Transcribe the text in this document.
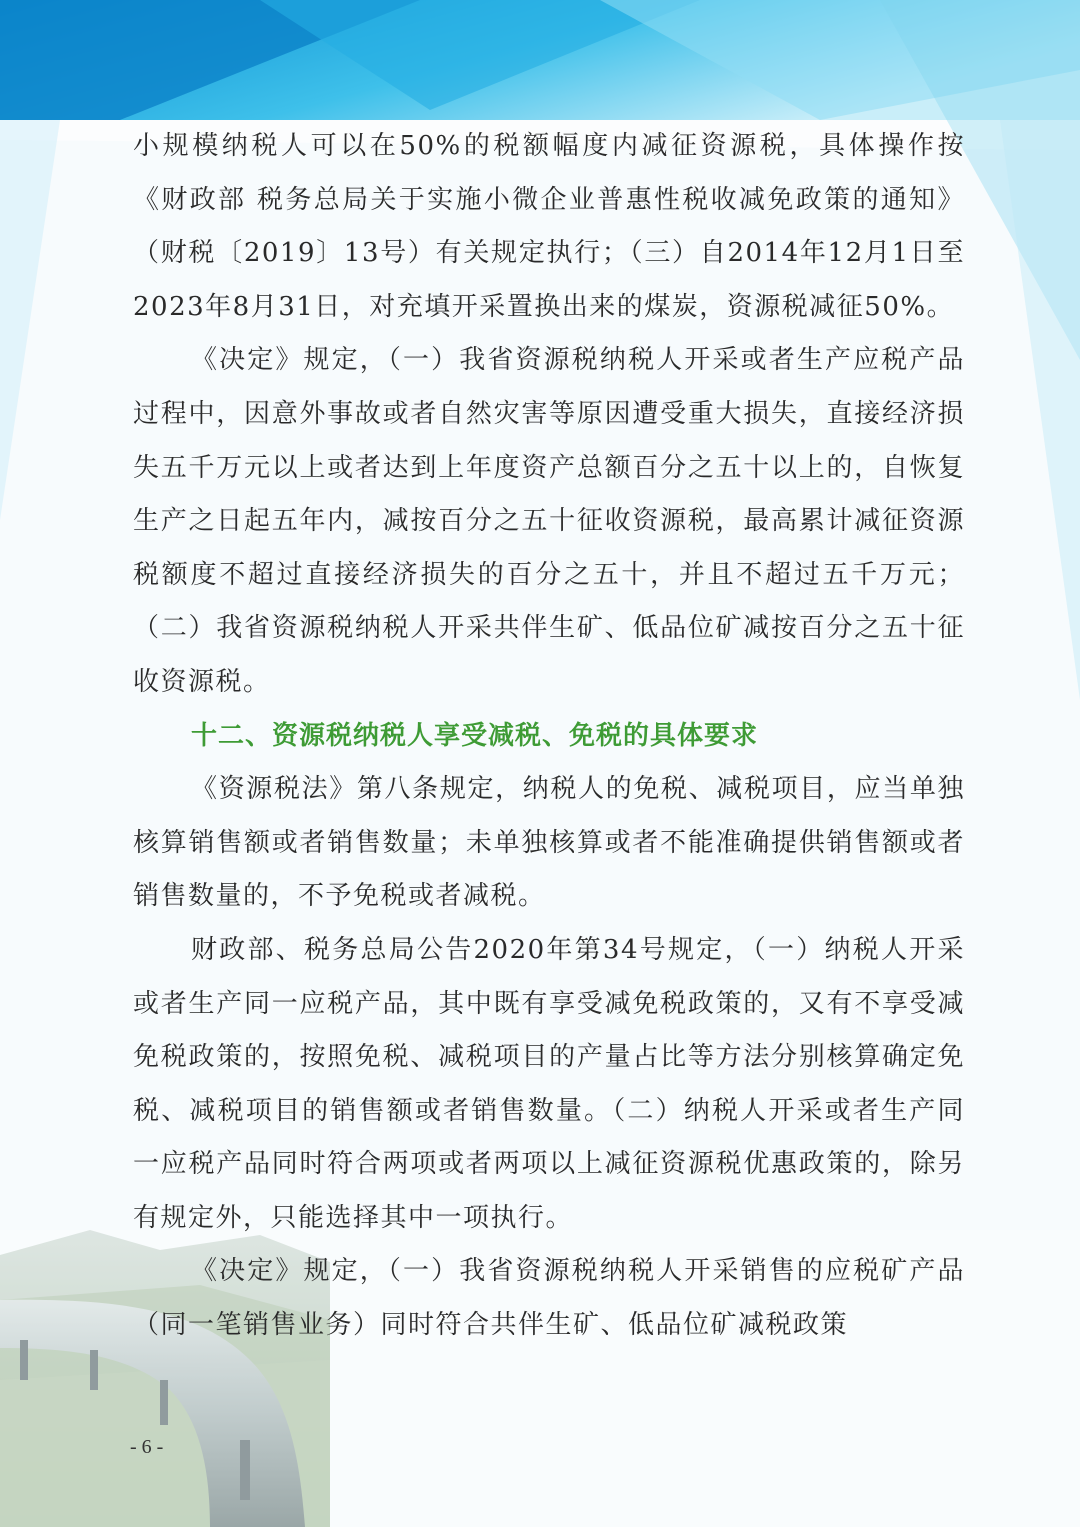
小规模纳税人可以在50%的税额幅度内减征资源税，具体操作按《财政部 税务总局关于实施小微企业普惠性税收减免政策的通知》（财税〔2019〕13号）有关规定执行；（三）自2014年12月1日至2023年8月31日，对充填开采置换出来的煤炭，资源税减征50%。

《决定》规定，（一）我省资源税纳税人开采或者生产应税产品过程中，因意外事故或者自然灾害等原因遭受重大损失，直接经济损失五千万元以上或者达到上年度资产总额百分之五十以上的，自恢复生产之日起五年内，减按百分之五十征收资源税，最高累计减征资源税额度不超过直接经济损失的百分之五十，并且不超过五千万元；（二）我省资源税纳税人开采共伴生矿、低品位矿减按百分之五十征收资源税。

十二、资源税纳税人享受减税、免税的具体要求

《资源税法》第八条规定，纳税人的免税、减税项目，应当单独核算销售额或者销售数量；未单独核算或者不能准确提供销售额或者销售数量的，不予免税或者减税。

财政部、税务总局公告2020年第34号规定，（一）纳税人开采或者生产同一应税产品，其中既有享受减免税政策的，又有不享受减免税政策的，按照免税、减税项目的产量占比等方法分别核算确定免税、减税项目的销售额或者销售数量。（二）纳税人开采或者生产同一应税产品同时符合两项或者两项以上减征资源税优惠政策的，除另有规定外，只能选择其中一项执行。

《决定》规定，（一）我省资源税纳税人开采销售的应税矿产品（同一笔销售业务）同时符合共伴生矿、低品位矿减税政策

- 6 -
